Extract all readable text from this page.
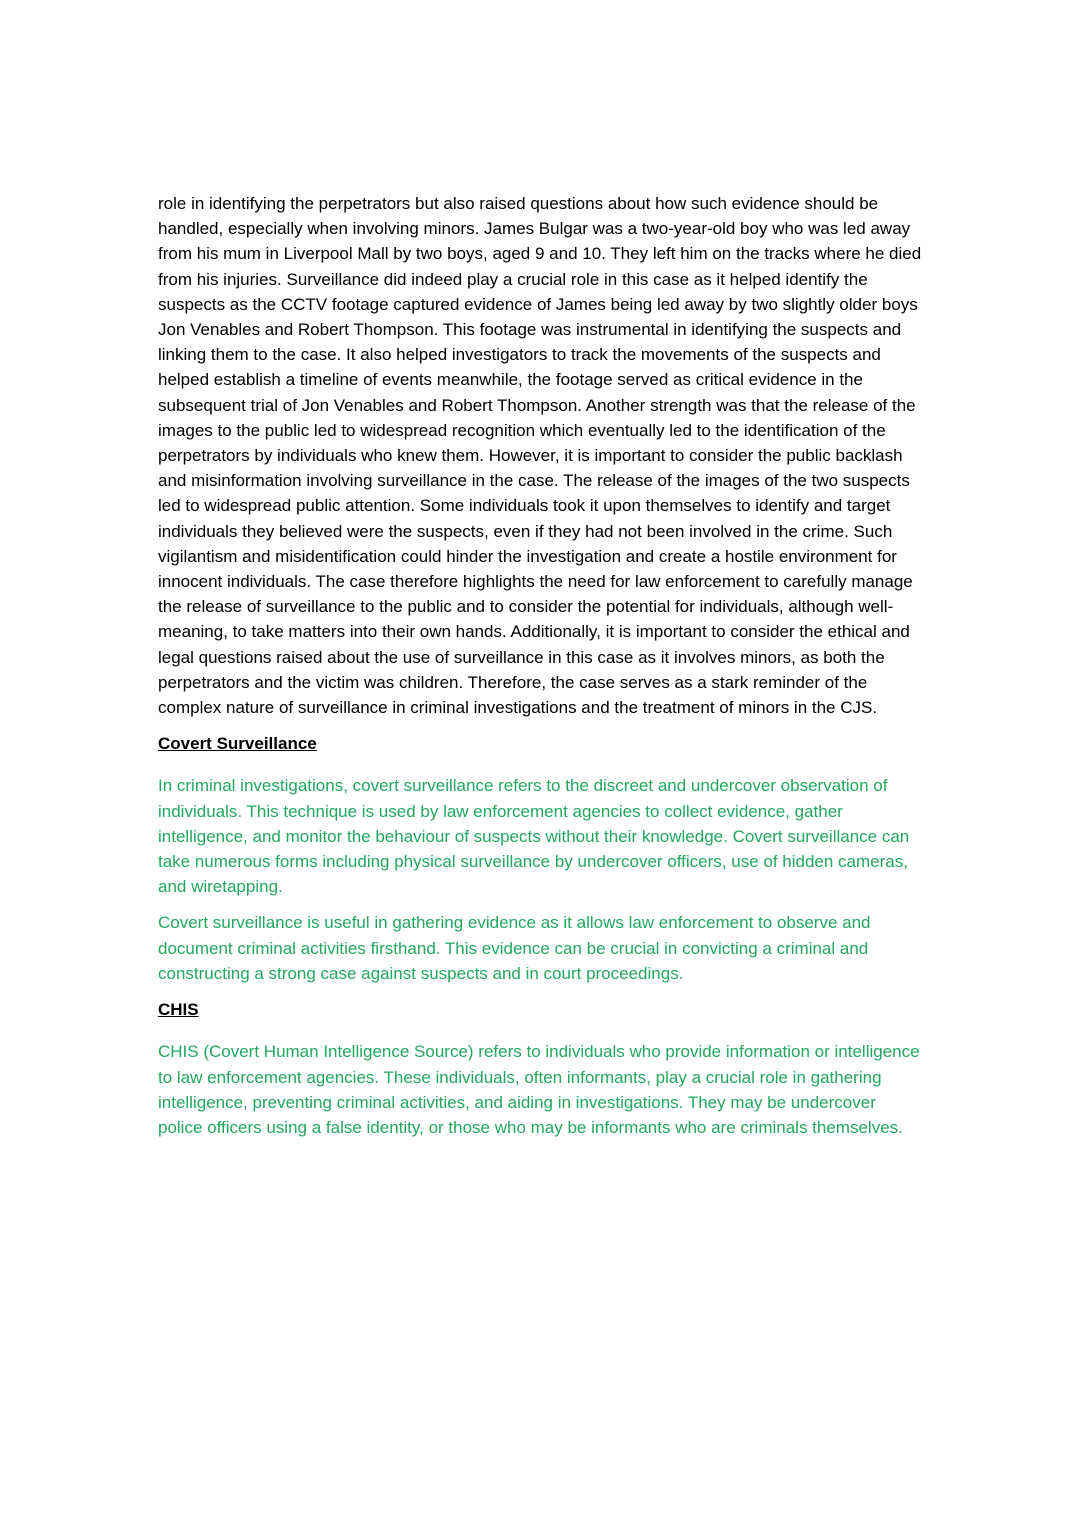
role in identifying the perpetrators but also raised questions about how such evidence should be handled, especially when involving minors. James Bulgar was a two-year-old boy who was led away from his mum in Liverpool Mall by two boys, aged 9 and 10. They left him on the tracks where he died from his injuries. Surveillance did indeed play a crucial role in this case as it helped identify the suspects as the CCTV footage captured evidence of James being led away by two slightly older boys Jon Venables and Robert Thompson. This footage was instrumental in identifying the suspects and linking them to the case. It also helped investigators to track the movements of the suspects and helped establish a timeline of events meanwhile, the footage served as critical evidence in the subsequent trial of Jon Venables and Robert Thompson. Another strength was that the release of the images to the public led to widespread recognition which eventually led to the identification of the perpetrators by individuals who knew them. However, it is important to consider the public backlash and misinformation involving surveillance in the case. The release of the images of the two suspects led to widespread public attention. Some individuals took it upon themselves to identify and target individuals they believed were the suspects, even if they had not been involved in the crime. Such vigilantism and misidentification could hinder the investigation and create a hostile environment for innocent individuals. The case therefore highlights the need for law enforcement to carefully manage the release of surveillance to the public and to consider the potential for individuals, although well-meaning, to take matters into their own hands. Additionally, it is important to consider the ethical and legal questions raised about the use of surveillance in this case as it involves minors, as both the perpetrators and the victim was children. Therefore, the case serves as a stark reminder of the complex nature of surveillance in criminal investigations and the treatment of minors in the CJS.

Covert Surveillance

In criminal investigations, covert surveillance refers to the discreet and undercover observation of individuals. This technique is used by law enforcement agencies to collect evidence, gather intelligence, and monitor the behaviour of suspects without their knowledge. Covert surveillance can take numerous forms including physical surveillance by undercover officers, use of hidden cameras, and wiretapping.

Covert surveillance is useful in gathering evidence as it allows law enforcement to observe and document criminal activities firsthand. This evidence can be crucial in convicting a criminal and constructing a strong case against suspects and in court proceedings.

CHIS

CHIS (Covert Human Intelligence Source) refers to individuals who provide information or intelligence to law enforcement agencies. These individuals, often informants, play a crucial role in gathering intelligence, preventing criminal activities, and aiding in investigations. They may be undercover police officers using a false identity, or those who may be informants who are criminals themselves.
